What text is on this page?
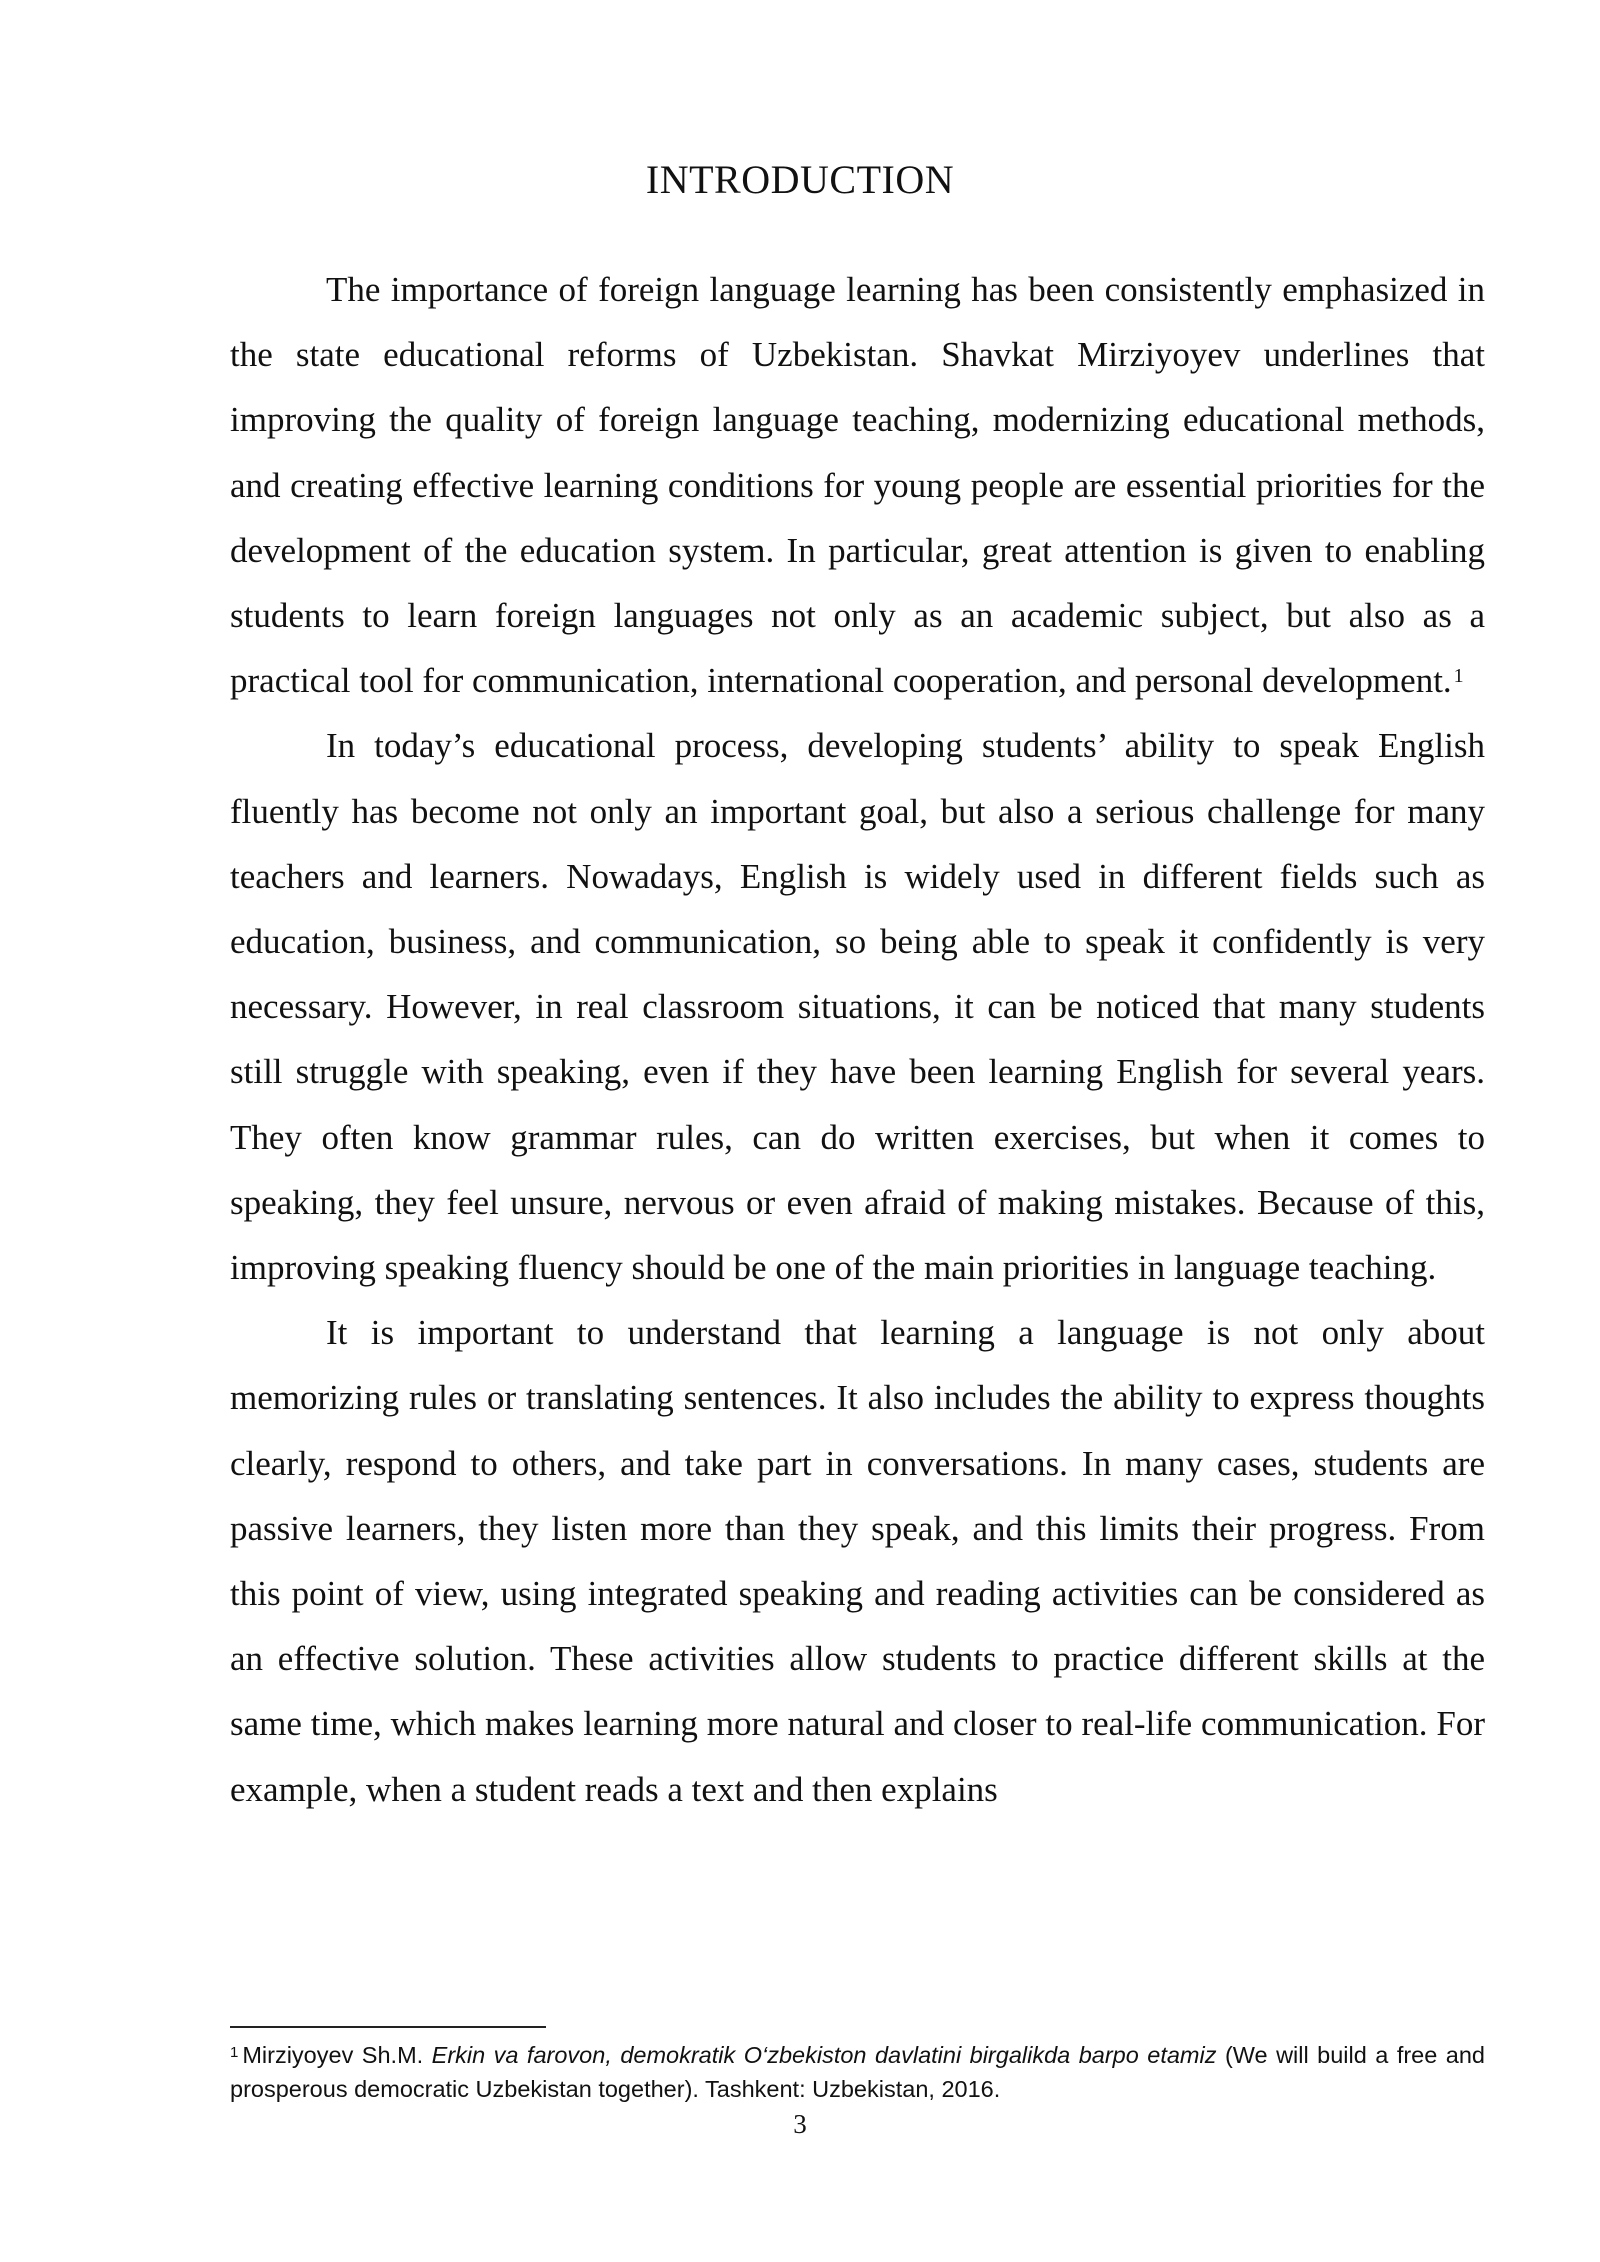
INTRODUCTION

The importance of foreign language learning has been consistently emphasized in the state educational reforms of Uzbekistan. Shavkat Mirziyoyev underlines that improving the quality of foreign language teaching, modernizing educational methods, and creating effective learning conditions for young people are essential priorities for the development of the education system. In particular, great attention is given to enabling students to learn foreign languages not only as an academic subject, but also as a practical tool for communication, international cooperation, and personal development. $^1$

In today’s educational process, developing students’ ability to speak English fluently has become not only an important goal, but also a serious challenge for many teachers and learners. Nowadays, English is widely used in different fields such as education, business, and communication, so being able to speak it confidently is very necessary. However, in real classroom situations, it can be noticed that many students still struggle with speaking, even if they have been learning English for several years. They often know grammar rules, can do written exercises, but when it comes to speaking, they feel unsure, nervous or even afraid of making mistakes. Because of this, improving speaking fluency should be one of the main priorities in language teaching.

It is important to understand that learning a language is not only about memorizing rules or translating sentences. It also includes the ability to express thoughts clearly, respond to others, and take part in conversations. In many cases, students are passive learners, they listen more than they speak, and this limits their progress. From this point of view, using integrated speaking and reading activities can be considered as an effective solution. These activities allow students to practice different skills at the same time, which makes learning more natural and closer to real-life communication. For example, when a student reads a text and then explains

$^1$ Mirziyoyev Sh.M. Erkin va farovon, demokratik O‘zbekiston davlatini birgalikda barpo etamiz (We will build a free and prosperous democratic Uzbekistan together). Tashkent: Uzbekistan, 2016.

3
